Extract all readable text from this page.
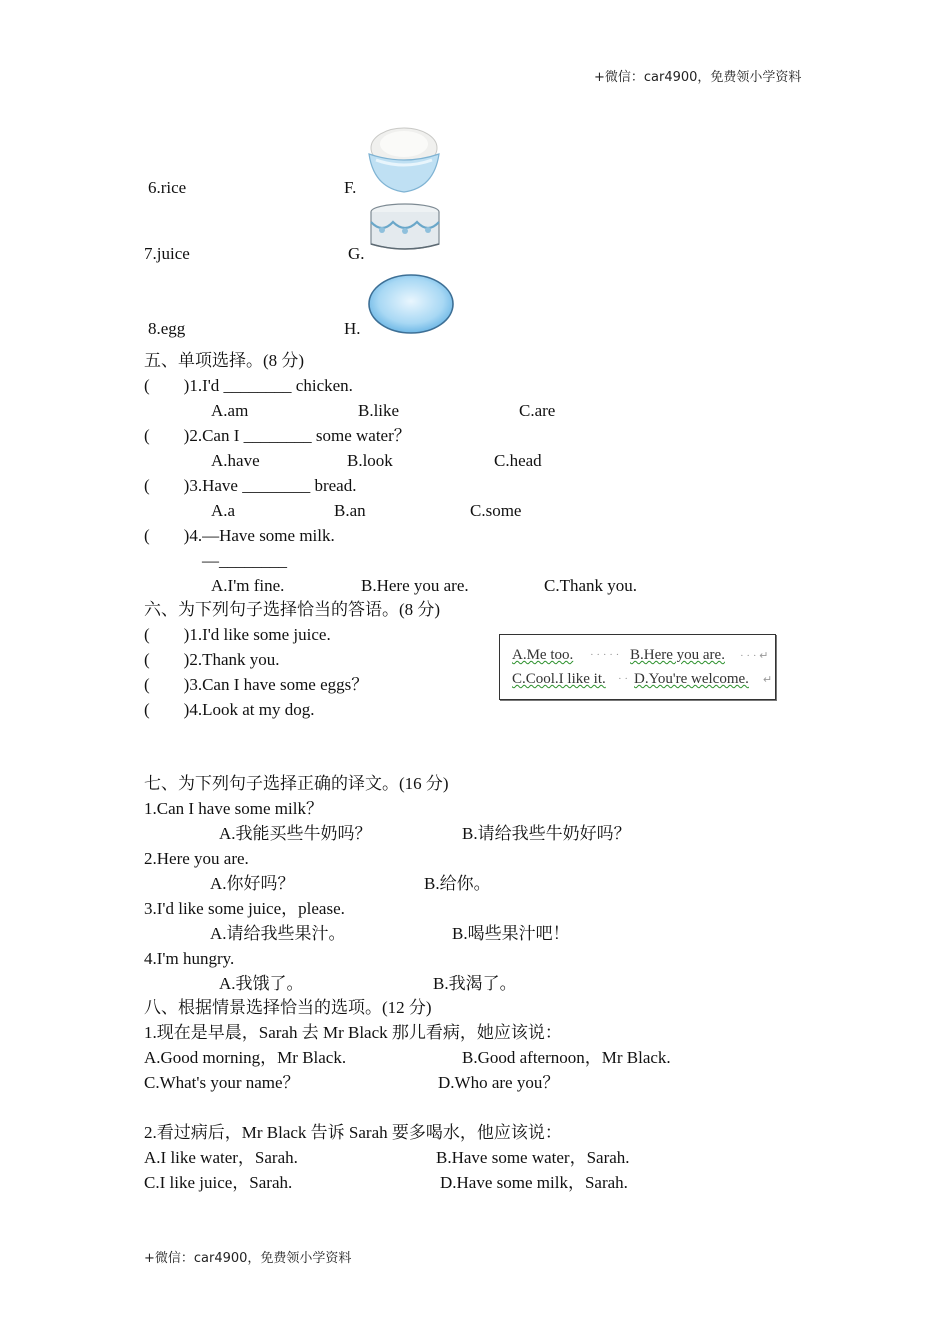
+微信：car4900，免费领小学资料
6.rice	F.
7.juice	G.
8.egg	H.
五、单项选择。(8 分)
(        )1.I'd ________ chicken.
A.am	B.like	C.are
(        )2.Can I ________ some water？
A.have	B.look	C.head
(        )3.Have ________ bread.
A.a	B.an	C.some
(        )4.—Have some milk.
—________
A.I'm fine.	B.Here you are.	C.Thank you.
六、为下列句子选择恰当的答语。(8 分)
(        )1.I'd like some juice.
(        )2.Thank you.
(        )3.Can I have some eggs？
(        )4.Look at my dog.
A.Me too. · · · · · B.Here you are. · · · ↵
C.Cool.I like it. · · D.You're welcome. ↵
七、为下列句子选择正确的译文。(16 分)
1.Can I have some milk？
A.我能买些牛奶吗？	B.请给我些牛奶好吗？
2.Here you are.
A.你好吗？	B.给你。
3.I'd like some juice，please.
A.请给我些果汁。	B.喝些果汁吧！
4.I'm hungry.
A.我饿了。	B.我渴了。
八、根据情景选择恰当的选项。(12 分)
1.现在是早晨，Sarah 去 Mr Black 那儿看病，她应该说：
A.Good morning，Mr Black.	B.Good afternoon，Mr Black.
C.What's your name？	D.Who are you？
2.看过病后，Mr Black 告诉 Sarah 要多喝水，他应该说：
A.I like water，Sarah.	B.Have some water，Sarah.
C.I like juice，Sarah.	D.Have some milk，Sarah.
+微信：car4900，免费领小学资料
